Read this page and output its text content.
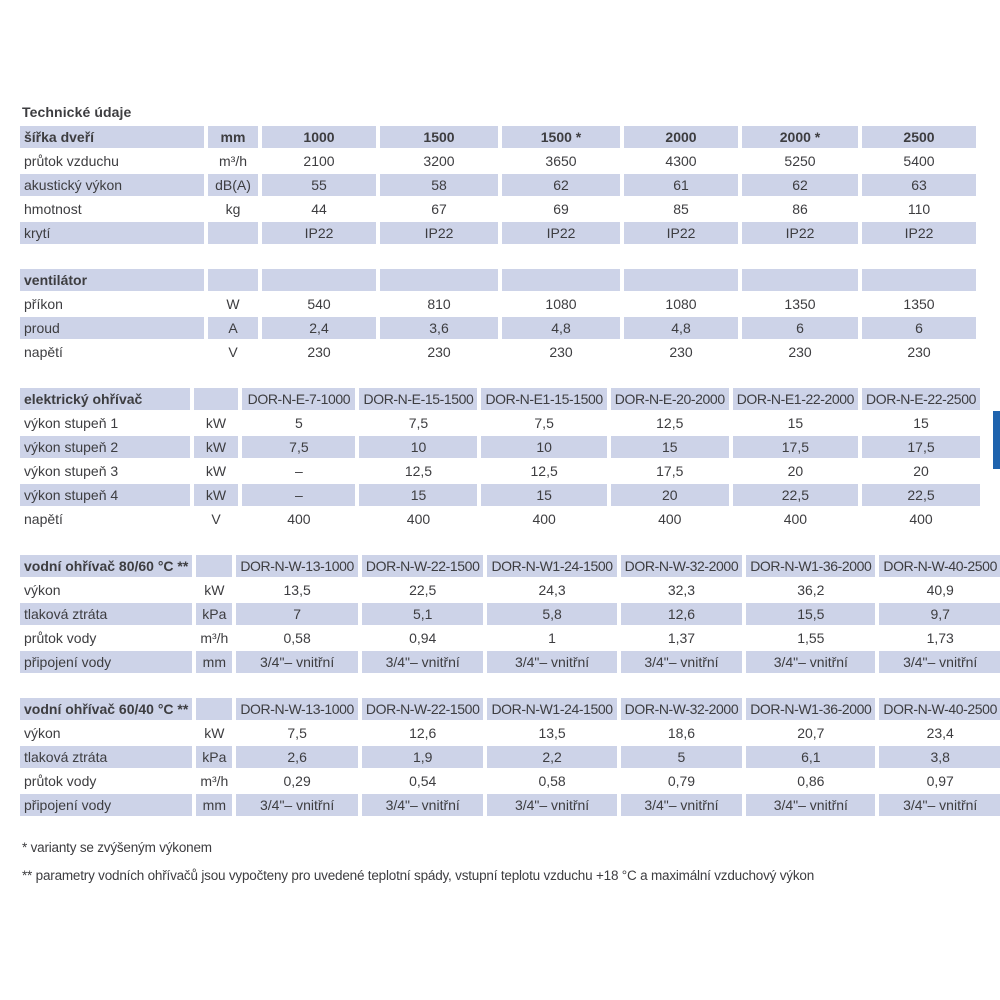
Technické údaje
šířka dveří	mm	1000	1500	1500 *	2000	2000 *	2500
průtok vzduchu	m³/h	2100	3200	3650	4300	5250	5400
akustický výkon	dB(A)	55	58	62	61	62	63
hmotnost	kg	44	67	69	85	86	110
krytí		IP22	IP22	IP22	IP22	IP22	IP22
ventilátor							
příkon	W	540	810	1080	1080	1350	1350
proud	A	2,4	3,6	4,8	4,8	6	6
napětí	V	230	230	230	230	230	230
elektrický ohřívač		DOR-N-E-7-1000	DOR-N-E-15-1500	DOR-N-E1-15-1500	DOR-N-E-20-2000	DOR-N-E1-22-2000	DOR-N-E-22-2500
výkon stupeň 1	kW	5	7,5	7,5	12,5	15	15
výkon stupeň 2	kW	7,5	10	10	15	17,5	17,5
výkon stupeň 3	kW	–	12,5	12,5	17,5	20	20
výkon stupeň 4	kW	–	15	15	20	22,5	22,5
napětí	V	400	400	400	400	400	400
vodní ohřívač 80/60 °C **		DOR-N-W-13-1000	DOR-N-W-22-1500	DOR-N-W1-24-1500	DOR-N-W-32-2000	DOR-N-W1-36-2000	DOR-N-W-40-2500
výkon	kW	13,5	22,5	24,3	32,3	36,2	40,9
tlaková ztráta	kPa	7	5,1	5,8	12,6	15,5	9,7
průtok vody	m³/h	0,58	0,94	1	1,37	1,55	1,73
připojení vody	mm	3/4"– vnitřní	3/4"– vnitřní	3/4"– vnitřní	3/4"– vnitřní	3/4"– vnitřní	3/4"– vnitřní
vodní ohřívač 60/40 °C **		DOR-N-W-13-1000	DOR-N-W-22-1500	DOR-N-W1-24-1500	DOR-N-W-32-2000	DOR-N-W1-36-2000	DOR-N-W-40-2500
výkon	kW	7,5	12,6	13,5	18,6	20,7	23,4
tlaková ztráta	kPa	2,6	1,9	2,2	5	6,1	3,8
průtok vody	m³/h	0,29	0,54	0,58	0,79	0,86	0,97
připojení vody	mm	3/4"– vnitřní	3/4"– vnitřní	3/4"– vnitřní	3/4"– vnitřní	3/4"– vnitřní	3/4"– vnitřní
* varianty se zvýšeným výkonem
** parametry vodních ohřívačů jsou vypočteny pro uvedené teplotní spády, vstupní teplotu vzduchu +18 °C a maximální vzduchový výkon
